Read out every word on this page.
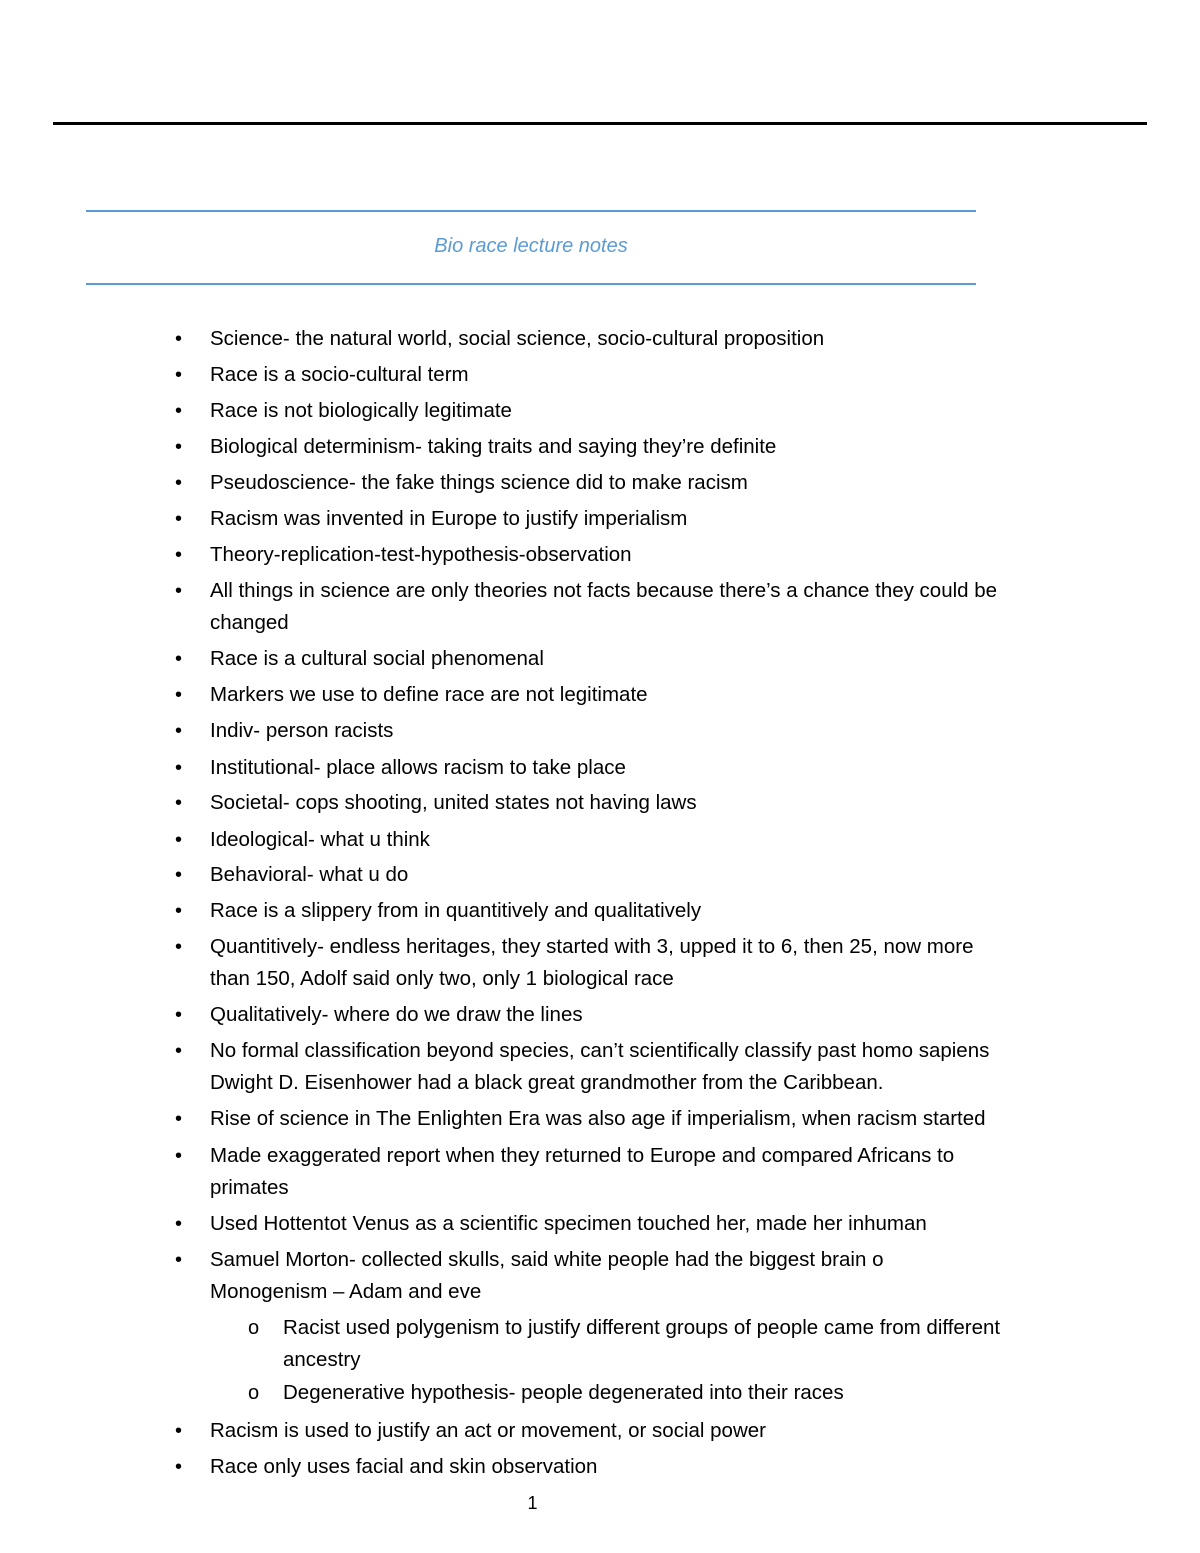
Bio race lecture notes
• Science- the natural world, social science, socio-cultural proposition
• Race is a socio-cultural term
• Race is not biologically legitimate
• Biological determinism- taking traits and saying they’re definite
• Pseudoscience- the fake things science did to make racism
• Racism was invented in Europe to justify imperialism
• Theory-replication-test-hypothesis-observation
• All things in science are only theories not facts because there’s a chance they could be
changed
• Race is a cultural social phenomenal
• Markers we use to define race are not legitimate
• Indiv- person racists
• Institutional- place allows racism to take place
• Societal- cops shooting, united states not having laws
• Ideological- what u think
• Behavioral- what u do
• Race is a slippery from in quantitively and qualitatively
• Quantitively- endless heritages, they started with 3, upped it to 6, then 25, now more
than 150, Adolf said only two, only 1 biological race
• Qualitatively- where do we draw the lines
• No formal classification beyond species, can’t scientifically classify past homo sapiens
Dwight D. Eisenhower had a black great grandmother from the Caribbean.
• Rise of science in The Enlighten Era was also age if imperialism, when racism started
• Made exaggerated report when they returned to Europe and compared Africans to
primates
• Used Hottentot Venus as a scientific specimen touched her, made her inhuman
• Samuel Morton- collected skulls, said white people had the biggest brain o
Monogenism – Adam and eve
o Racist used polygenism to justify different groups of people came from different
ancestry
o Degenerative hypothesis- people degenerated into their races
• Racism is used to justify an act or movement, or social power
• Race only uses facial and skin observation
1
